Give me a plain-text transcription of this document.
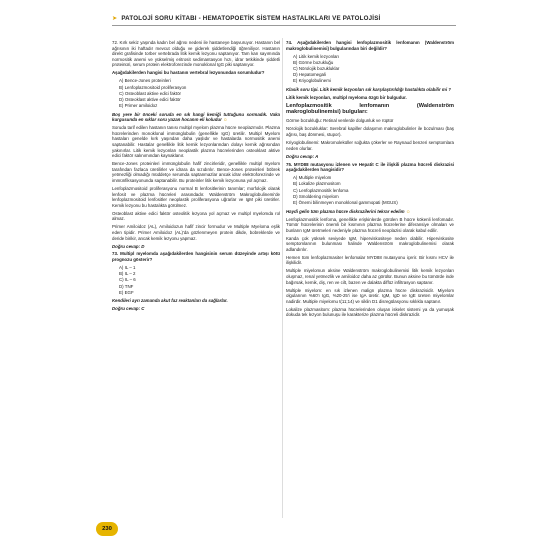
➤ PATOLOJİ SORU KİTABI - HEMATOPOETİK SİSTEM HASTALIKLARI VE PATOLOJİSİ

72. Kırk sekiz yaşında kadın bel ağrısı nedeni ile hastaneye başvuruyor. Hastanın bel ağrısının iki haftadır mevcut olduğu ve giderek şiddetlendiği öğreniliyor. Hastanın direkt grafisinde torber vertebrada litik kemik lezyonu saptanıyor. Tam kan sayımında normositik anemi ve yükselmiş eritrosit sedimantasyon hızı, idrar tetkikinde şiddetli proteinüri, serum protein elektroforezinde monoklonal IgG piki saptanıyor.

Aşağıdakilerden hangisi bu hastanın vertebral lezyonundan sorumludur?

A) Bence-Jones proteinleri
B) Lenfoplazmositoid proliferasyon
C) Osteoblast aktive edici faktör
D) Osteoklast aktive edici faktör
E) Primer amiloidoz

Boş yere bir önceki soruda en sık hangi kemiği tuttuğunu sormadık. Vaka kurgusunda en sıklar soru yazan hocanın eli koludur ☺

Soruda tarif edilen hastanın tanısı multipl myelom plazma hücre neoplazmıdır. Plazma hücrelerinden monoklonal immünglobulin (genellikle IgG) üretilir. Multipl Myelom hastaları genelde kırk yaşından daha yaşlıdır ve hastalarda normositik anemi saptanabilir. Hastalar genellikle litik kemik lezyonlarından dolayı kemik ağrısından yakınırlar. Litik kemik lezyonları neoplastik plazma hücrelerinden osteoklast aktive edici faktör salınımından kaynaklanır.

Bence-Jones proteinleri immünglobulin hafif zincirleridir, genellikle multipl myelom tarafından fazlaca üretilirler ve idrara da sızıdırılır. Bence-Jones proteinleri böbrek yetmezliği olmadığı müddetçe serumda saptanmazlar ancak idrar elektroforezinde ve immünfiksasyonunda saptanabilir. Bu proteinler litik kemik lezyonuna yol açmaz.

Lenfoplazmositoid proliferasyonu normal B lenfositlerinin tanımlar; morfolojik olarak lenfosit ve plazma hücreleri arasındadır. Waldenström Makroglobulinemi'de lenfoplazmositoid lenfositler neoplastik proliferasyona uğrarlar ve IgM piki üretirler. Kemik lezyonu bu hastalıkta görülmez.

Osteoblast aktive edici faktör osteolitik lezyona yol açmaz ve multipl myelomda rol almaz.

Primer Amiloidoz (AL), Amiloidozun hafif zincir formudur ve Multiple Myeloma eşlik eden tipidir. Primer Amiloidoz (AL)'da gözlenmeyen protein dikde, bobreklerde ve deride birikir, ancak kemik lezyonu yapmaz.

Doğru cevap: D

73. Multipl myelomda aşağıdakilerden hangisinin serum düzeyinde artışı kötü prognozu gösterir?

A) IL – 1
B) IL – 2
C) IL – 6
D) TNF
E) EGF

Kendileri ayrı zamanda akut faz reaktanları da sağlarlar.

Doğru cevap: C

74. Aşağıdakilerden hangisi lenfoplazmositik lenfomanın (Waldenström makroglobulinemisi) bulgularından biri değildir?

A) Litik kemik lezyonları
B) Görme bozukluğu
C) Nörolojik bozukluklar
D) Hepatomegali
E) Kriyoglobulinemi

Klasik soru tipi. Litik kemik lezyonları sık karşılaştırıldığı hastalıkta olabilir mi ?

Litik kemik lezyonları, multipl myeloma özgü bir bulgudur.

Lenfoplazmositik lenfomanın (Waldenström makroglobulinemisi) bulguları:

Görme bozukluğu: Retinal venlerde dolgunluk ve rüptür

Nörolojik bozukluklar: Serebral kapiller dolaşımın makroglobulinler ile bozulması (baş ağrısı, baş dönmesi, stupor).

Kriyoglobulinemi: Makromoleküller soğukta çökerler ve Raynaud benzeri semptomlara neden olurlar.

Doğru cevap: A

75. MYD88 mutasyonu izlenen ve Hepatit C ile ilişkili plazma hücreli diskrazisi aşağıdakilerden hangisidir?

A) Multiple miyelom
B) Lokalize plazmositom
C) Lenfoplazmositik lenfoma
D) Smoldering miyelom
E) Önemi bilinmeyen monoklonal gammopati (MGUS)

Haydi gelin tüm plazma hücre diskrazilerini tekrar edelim ☺

Lenfoplazmositik lenfoma, genellikle erişkinlerde görülen B hücre kökenli lenfomadır. Tümör hücrelerinin önemli bir kısmının plazma hücrelerine diferansiye olmaları ve bunların IgM üretmeleri nedeniyle plazma hücreli neoplazisi olarak kabul edilir.

Kanda çok yüksek seviyede IgM, hiperviskositeye neden olabilir. Hiperviskosite semptomlarının bulunması halinde Waldenström makroglobulinemisi olarak adlandırılır.

Hemen tüm lenfoplazmasiter lenfomalar MYD88 mutasyonu içerir. Bir kısmı HCV ile ilişkilidir.

Multiple miyelomun aksine Waldenström makroglobulinemisi litik kemik lezyonları oluşmaz, renal yetmezlik ve amiloidoz daha az görülür. Bunun aksine bu tümörde inde bağırsak, kemik, diş, ren ve cilt, bazen ve dalakta diffüz infiltrasyon saptanır.

Multiple miyelom: en sık izlenen malign plazma hücre diskrazisidir. Miyelom olgularının %60'ı IgG, %20-25'i ise IgA üretir. IgM, IgD ve IgE üreten miyelomlar nadirdir. Multiple miyelomu t(11;14) ve siklin D1 disregülasyonu sıklıkla saptanır.

Lokalize plazmasitom: plazma hücrelerinden oluşan iskelet sistemi ya da yumuşak dokuda tek lezyon bulunuşu ile karakterize plazma hücreli diskrazidir.

230
